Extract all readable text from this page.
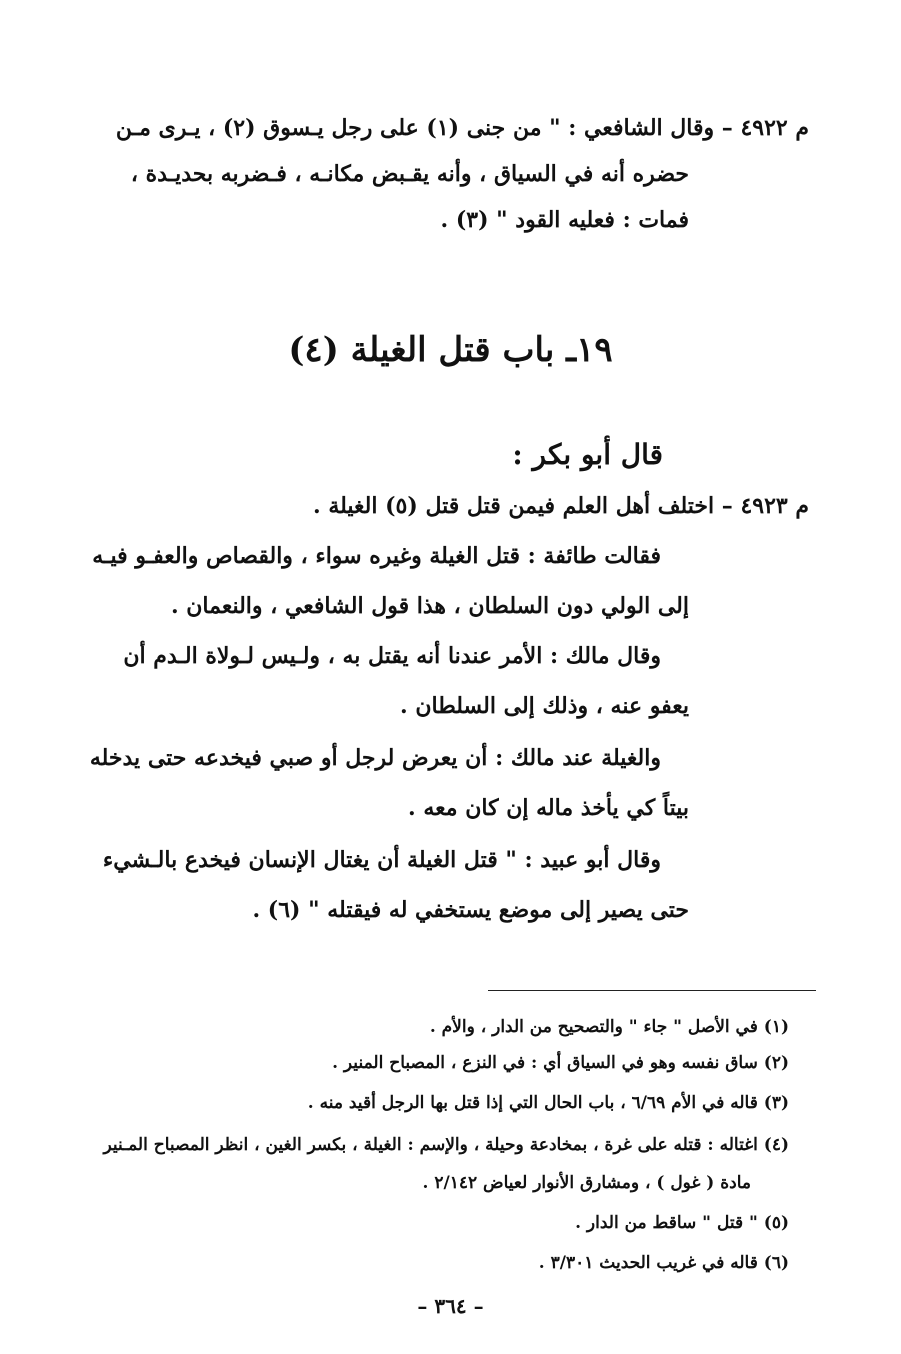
م ٤٩٢٢ – وقال الشافعي : " من جنى (١) على رجل يـسوق (٢) ، يـرى مـن
حضره أنه في السياق ، وأنه يقـبض مكانـه ، فـضربه بحديـدة ،
فمات : فعليه القود " (٣) .
١٩ـ باب قتل الغيلة (٤)
قال أبو بكر :
م ٤٩٢٣ – اختلف أهل العلم فيمن قتل قتل (٥) الغيلة .
فقالت طائفة : قتل الغيلة وغيره سواء ، والقصاص والعفـو فيـه
إلى الولي دون السلطان ، هذا قول الشافعي ، والنعمان .
وقال مالك : الأمر عندنا أنه يقتل به ، ولـيس لـولاة الـدم أن
يعفو عنه ، وذلك إلى السلطان .
والغيلة عند مالك : أن يعرض لرجل أو صبي فيخدعه حتى يدخله
بيتاً كي يأخذ ماله إن كان معه .
وقال أبو عبيد : " قتل الغيلة أن يغتال الإنسان فيخدع بالـشيء
حتى يصير إلى موضع يستخفي له فيقتله " (٦) .
(١) في الأصل " جاء " والتصحيح من الدار ، والأم .
(٢) ساق نفسه وهو في السياق أي : في النزع ، المصباح المنير .
(٣) قاله في الأم ٦/٦٩ ، باب الحال التي إذا قتل بها الرجل أقيد منه .
(٤) اغتاله : قتله على غرة ، بمخادعة وحيلة ، والإسم : الغيلة ، بكسر الغين ، انظر المصباح المـنير
مادة ( غول ) ، ومشارق الأنوار لعياض ٢/١٤٢ .
(٥) " قتل " ساقط من الدار .
(٦) قاله في غريب الحديث ٣/٣٠١ .
– ٣٦٤ –
